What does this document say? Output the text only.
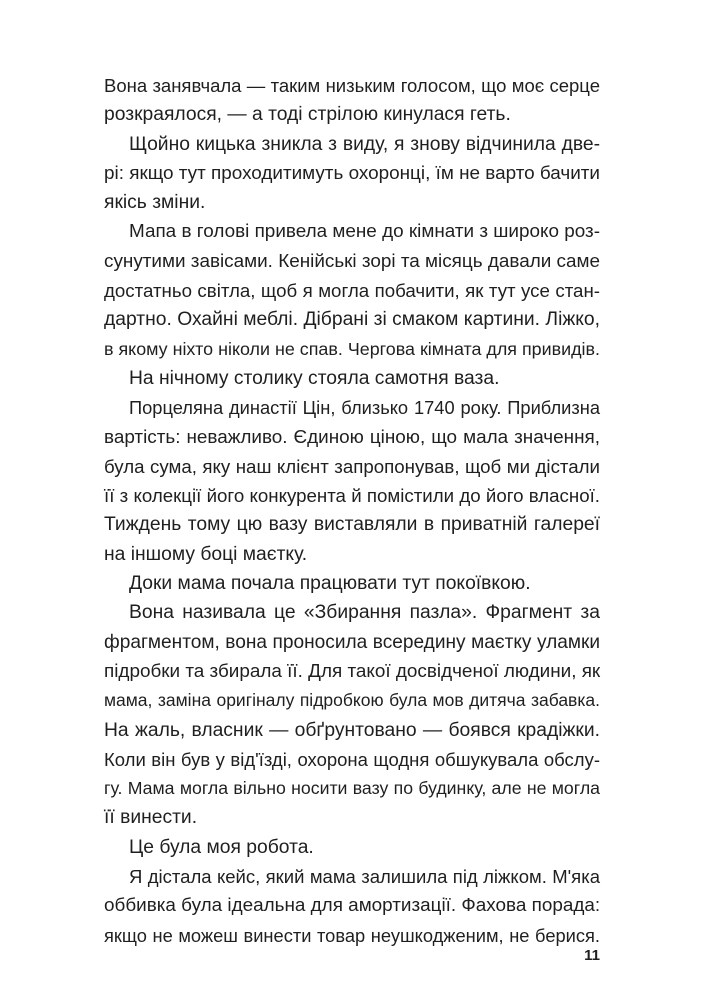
Вона занявчала — таким низьким голосом, що моє серце
розкраялося, — а тоді стрілою кинулася геть.
Щойно кицька зникла з виду, я знову відчинила две-
рі: якщо тут проходитимуть охоронці, їм не варто бачити
якісь зміни.
Мапа в голові привела мене до кімнати з широко роз-
сунутими завісами. Кенійські зорі та місяць давали саме
достатньо світла, щоб я могла побачити, як тут усе стан-
дартно. Охайні меблі. Дібрані зі смаком картини. Ліжко,
в якому ніхто ніколи не спав. Чергова кімната для привидів.
На нічному столику стояла самотня ваза.
Порцеляна династії Цін, близько 1740 року. Приблизна
вартість: неважливо. Єдиною ціною, що мала значення,
була сума, яку наш клієнт запропонував, щоб ми дістали
її з колекції його конкурента й помістили до його власної.
Тиждень тому цю вазу виставляли в приватній галереї
на іншому боці маєтку.
Доки мама почала працювати тут покоївкою.
Вона називала це «Збирання пазла». Фрагмент за
фрагментом, вона проносила всередину маєтку уламки
підробки та збирала її. Для такої досвідченої людини, як
мама, заміна оригіналу підробкою була мов дитяча забавка.
На жаль, власник — обґрунтовано — боявся крадіжки.
Коли він був у від'їзді, охорона щодня обшукувала обслу-
гу. Мама могла вільно носити вазу по будинку, але не могла
її винести.
Це була моя робота.
Я дістала кейс, який мама залишила під ліжком. М'яка
оббивка була ідеальна для амортизації. Фахова порада:
якщо не можеш винести товар неушкодженим, не берися.
11
